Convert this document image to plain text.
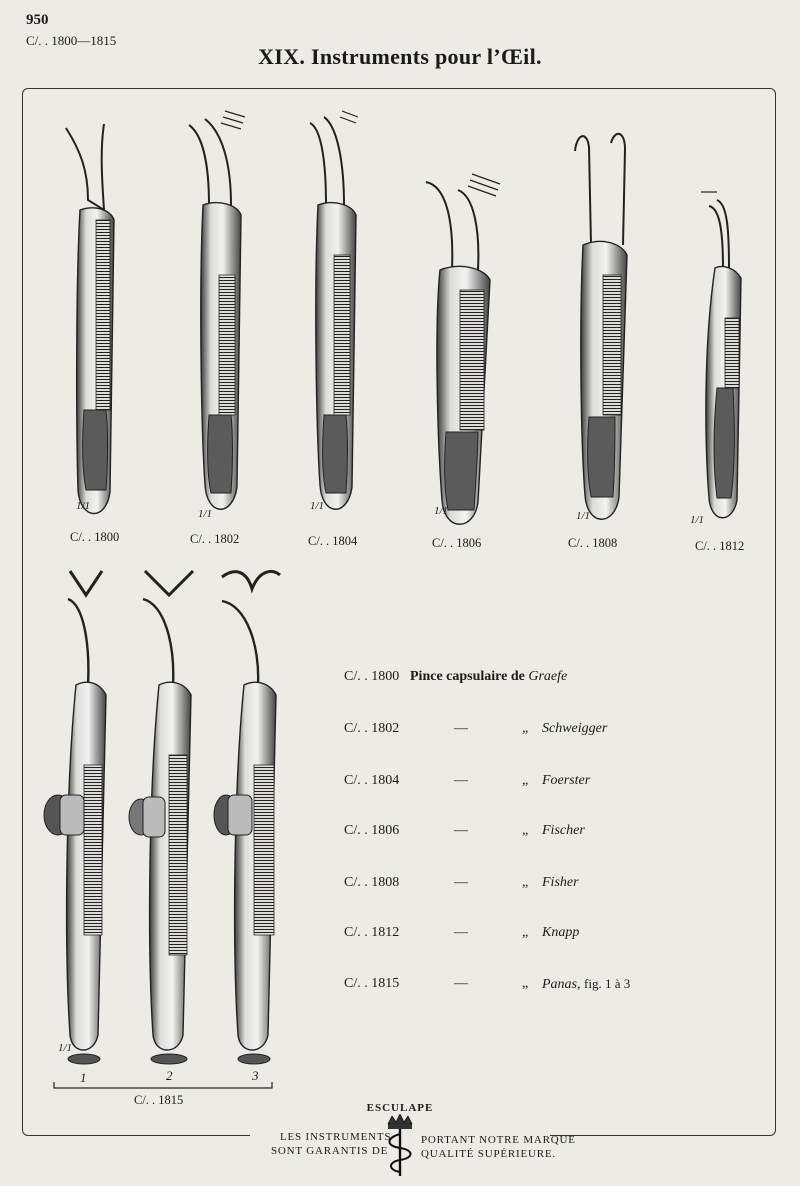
950
C/. . 1800—1815
XIX. Instruments pour l’Œil.
1/1
1/1
1/1	1/1	1/1	1/1
C/. . 1800	C/. . 1802	C/. . 1804	C/. . 1806	C/. . 1808	C/. . 1812
1/1
1	2	3
C/. . 1815
C/. . 1800 Pince capsulaire de Graefe
C/. . 1802	—	„ Schweigger
C/. . 1804	—	„ Foerster
C/. . 1806	—	„ Fischer
C/. . 1808	—	„ Fisher
C/. . 1812	—	„ Knapp
C/. . 1815	—	„ Panas, fig. 1 à 3
ESCULAPE
LES INSTRUMENTS	PORTANT NOTRE MARQUE
SONT GARANTIS DE	QUALITÉ SUPÉRIEURE.
